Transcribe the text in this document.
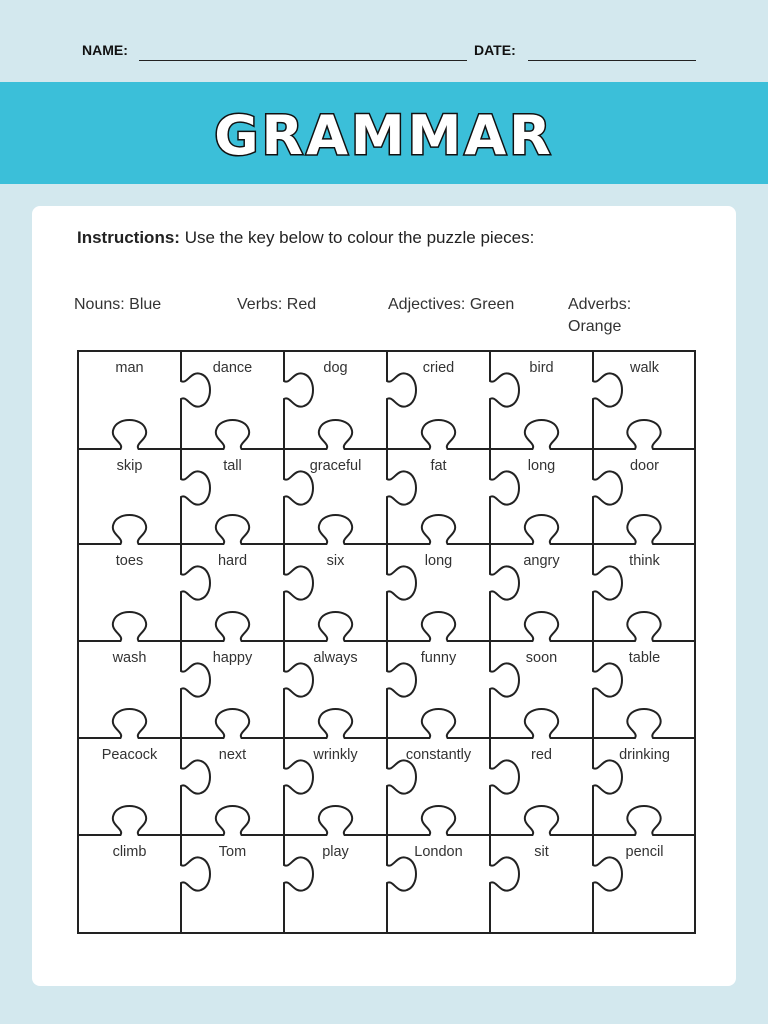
NAME:	DATE:
GRAMMAR
Instructions: Use the key below to colour the puzzle pieces:
Nouns: Blue	Verbs: Red	Adjectives: Green	Adverbs: Orange
man	dance	dog	cried	bird	walk
skip	tall	graceful	fat	long	door
toes	hard	six	long	angry	think
wash	happy	always	funny	soon	table
Peacock	next	wrinkly	constantly	red	drinking
climb	Tom	play	London	sit	pencil
